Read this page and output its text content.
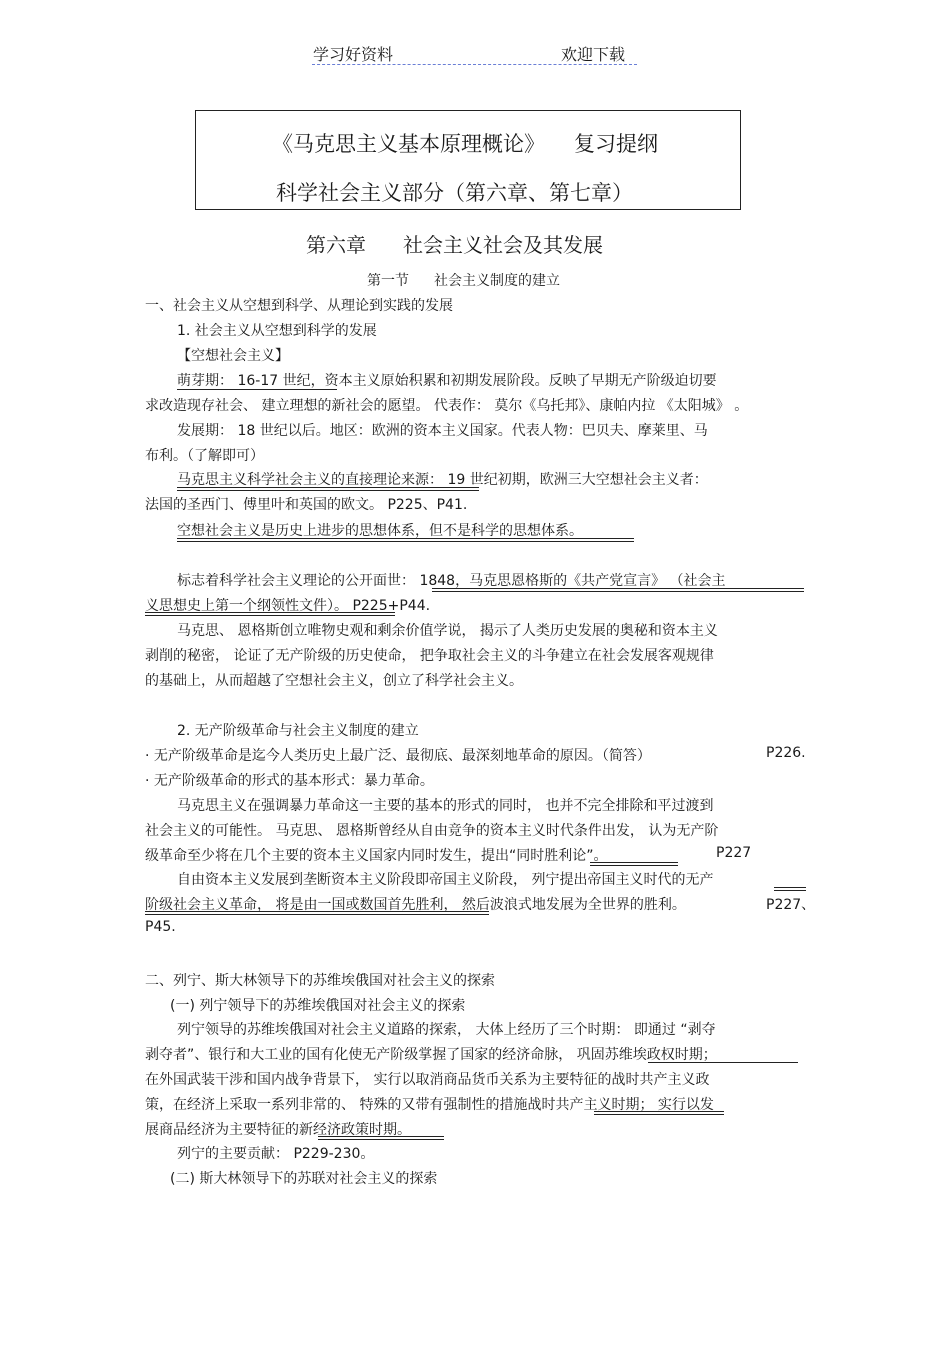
学习好资料	欢迎下载
《马克思主义基本原理概论》 复习提纲
科学社会主义部分（第六章、第七章）
第六章 社会主义社会及其发展
第一节 社会主义制度的建立
一、社会主义从空想到科学、从理论到实践的发展
1. 社会主义从空想到科学的发展
【空想社会主义】
萌芽期： 16-17 世纪，资本主义原始积累和初期发展阶段。反映了早期无产阶级迫切要
求改造现存社会、 建立理想的新社会的愿望。 代表作： 莫尔《乌托邦》、康帕内拉 《太阳城》 。
发展期： 18 世纪以后。地区：欧洲的资本主义国家。代表人物：巴贝夫、摩莱里、马
布利。（了解即可）
马克思主义科学社会主义的直接理论来源： 19 世纪初期，欧洲三大空想社会主义者：
法国的圣西门、傅里叶和英国的欧文。 P225、P41.
空想社会主义是历史上进步的思想体系，但不是科学的思想体系。
标志着科学社会主义理论的公开面世： 1848，马克思恩格斯的《共产党宣言》 （社会主
义思想史上第一个纲领性文件）。 P225+P44.
马克思、 恩格斯创立唯物史观和剩余价值学说， 揭示了人类历史发展的奥秘和资本主义
剥削的秘密， 论证了无产阶级的历史使命， 把争取社会主义的斗争建立在社会发展客观规律
的基础上，从而超越了空想社会主义，创立了科学社会主义。
2. 无产阶级革命与社会主义制度的建立
· 无产阶级革命是迄今人类历史上最广泛、最彻底、最深刻地革命的原因。（简答）	P226.
· 无产阶级革命的形式的基本形式：暴力革命。
马克思主义在强调暴力革命这一主要的基本的形式的同时， 也并不完全排除和平过渡到
社会主义的可能性。 马克思、 恩格斯曾经从自由竞争的资本主义时代条件出发， 认为无产阶
级革命至少将在几个主要的资本主义国家内同时发生，提出“同时胜利论”。	P227
自由资本主义发展到垄断资本主义阶段即帝国主义阶段， 列宁提出帝国主义时代的无产
阶级社会主义革命， 将是由一国或数国首先胜利， 然后波浪式地发展为全世界的胜利。	P227、
P45.
二、列宁、斯大林领导下的苏维埃俄国对社会主义的探索
(一) 列宁领导下的苏维埃俄国对社会主义的探索
列宁领导的苏维埃俄国对社会主义道路的探索， 大体上经历了三个时期： 即通过 “剥夺
剥夺者”、银行和大工业的国有化使无产阶级掌握了国家的经济命脉， 巩固苏维埃政权时期；
在外国武装干涉和国内战争背景下， 实行以取消商品货币关系为主要特征的战时共产主义政
策，在经济上采取一系列非常的、 特殊的又带有强制性的措施战时共产主义时期； 实行以发
展商品经济为主要特征的新经济政策时期。
列宁的主要贡献： P229-230。
(二) 斯大林领导下的苏联对社会主义的探索
